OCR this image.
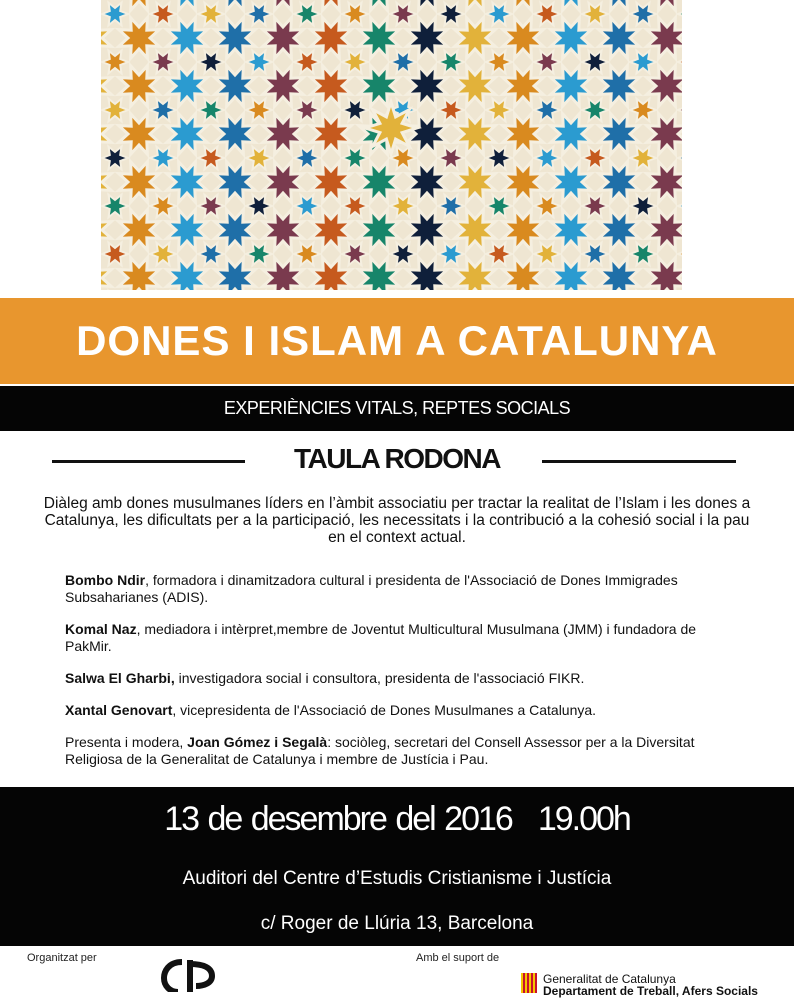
DONES I ISLAM A CATALUNYA
EXPERIÈNCIES VITALS, REPTES SOCIALS
TAULA RODONA

Diàleg amb dones musulmanes líders en l’àmbit associatiu per tractar la realitat de l’Islam i les dones a Catalunya, les dificultats per a la participació, les necessitats i la contribució a la cohesió social i la pau en el context actual.

Bombo Ndir, formadora i dinamitzadora cultural i presidenta de l'Associació de Dones Immigrades Subsaharianes (ADIS).

Komal Naz, mediadora i intèrpret,membre de Joventut Multicultural Musulmana (JMM) i fundadora de PakMir.

Salwa El Gharbi, investigadora social i consultora, presidenta de l'associació FIKR.

Xantal Genovart, vicepresidenta de l'Associació de Dones Musulmanes a Catalunya.

Presenta i modera, Joan Gómez i Segalà: sociòleg, secretari del Consell Assessor per a la Diversitat Religiosa de la Generalitat de Catalunya i membre de Justícia i Pau.

13 de desembre del 2016 19.00h
Auditori del Centre d’Estudis Cristianisme i Justícia
c/ Roger de Llúria 13, Barcelona
Organitzat per	Amb el suport de
Generalitat de Catalunya
Departament de Treball, Afers Socials
